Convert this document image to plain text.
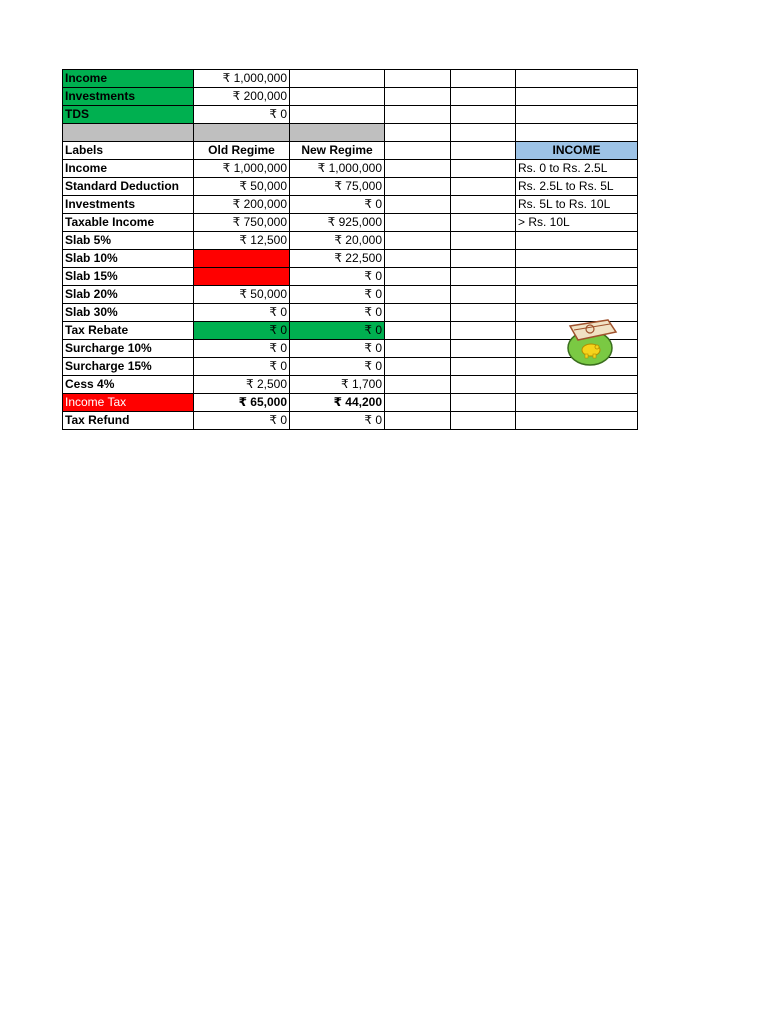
Income	₹ 1,000,000				
Investments	₹ 200,000				
TDS	₹ 0				

Labels	Old Regime	New Regime			INCOME
Income	₹ 1,000,000	₹ 1,000,000			Rs. 0 to Rs. 2.5L
Standard Deduction	₹ 50,000	₹ 75,000			Rs. 2.5L to Rs. 5L
Investments	₹ 200,000	₹ 0			Rs. 5L to Rs. 10L
Taxable Income	₹ 750,000	₹ 925,000			> Rs. 10L
Slab 5%	₹ 12,500	₹ 20,000			
Slab 10%		₹ 22,500			
Slab 15%		₹ 0			
Slab 20%	₹ 50,000	₹ 0			
Slab 30%	₹ 0	₹ 0			
Tax Rebate	₹ 0	₹ 0			
Surcharge 10%	₹ 0	₹ 0			
Surcharge 15%	₹ 0	₹ 0			
Cess 4%	₹ 2,500	₹ 1,700			
Income Tax	₹ 65,000	₹ 44,200			
Tax Refund	₹ 0	₹ 0			
